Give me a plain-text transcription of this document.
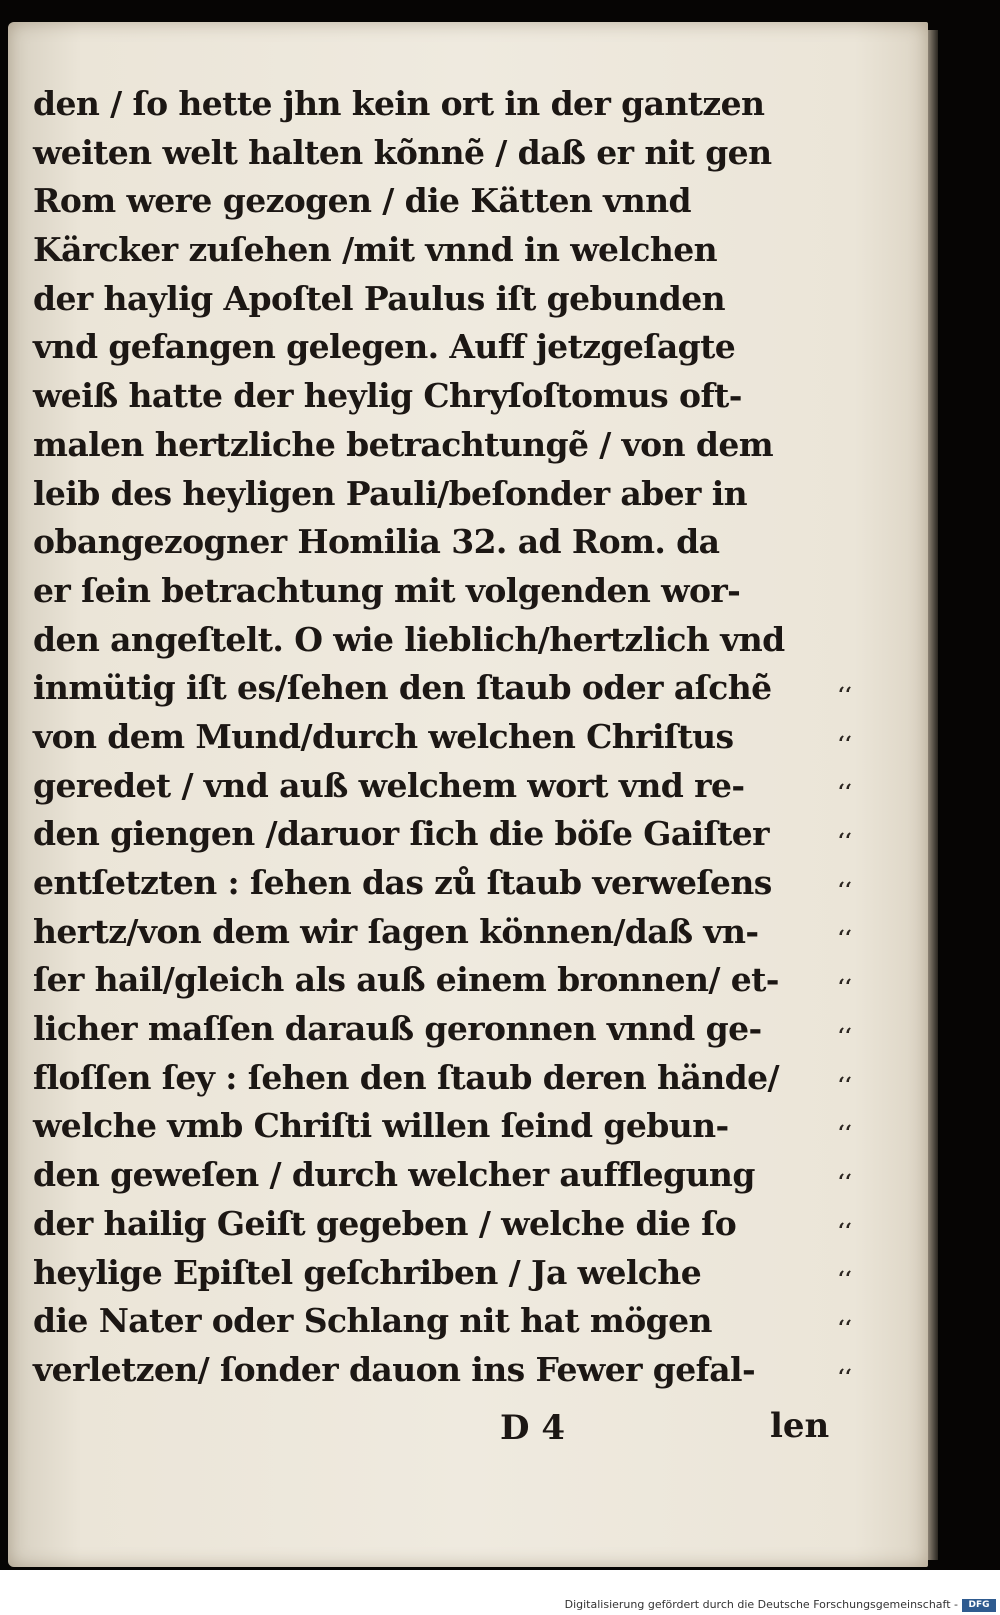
den / ſo hette jhn kein ort in der gantzen
weiten welt halten kõnnẽ / daß er nit gen
Rom were gezogen / die Kätten vnnd
Kärcker zuſehen /mit vnnd in welchen
der haylig Apoſtel Paulus iſt gebunden
vnd gefangen gelegen. Auff jetzgeſagte
weiß hatte der heylig Chryſoſtomus oft-
malen hertzliche betrachtungẽ / von dem
leib des heyligen Pauli/beſonder aber in
obangezogner Homilia 32. ad Rom. da
er ſein betrachtung mit volgenden wor-
den angeſtelt. O wie lieblich/hertzlich vnd
inmütig iſt es/ſehen den ſtaub oder aſchẽ
von dem Mund/durch welchen Chriſtus
geredet / vnd auß welchem wort vnd re-
den giengen /daruor ſich die böſe Gaiſter
entſetzten : ſehen das zů ſtaub verweſens
hertz/von dem wir ſagen können/daß vn-
ſer hail/gleich als auß einem bronnen/ et-
licher maſſen darauß geronnen vnnd ge-
floſſen ſey : ſehen den ſtaub deren hände/
welche vmb Chriſti willen ſeind gebun-
den geweſen / durch welcher aufflegung
der hailig Geiſt gegeben / welche die ſo
heylige Epiſtel geſchriben / Ja welche
die Nater oder Schlang nit hat mögen
verletzen/ ſonder dauon ins Fewer gefal-
‘‘
‘‘
‘‘
‘‘
‘‘
‘‘
‘‘
‘‘
‘‘
‘‘
‘‘
‘‘
‘‘
‘‘
‘‘
D 4	len
Digitalisierung gefördert durch die Deutsche Forschungsgemeinschaft -	DFG
